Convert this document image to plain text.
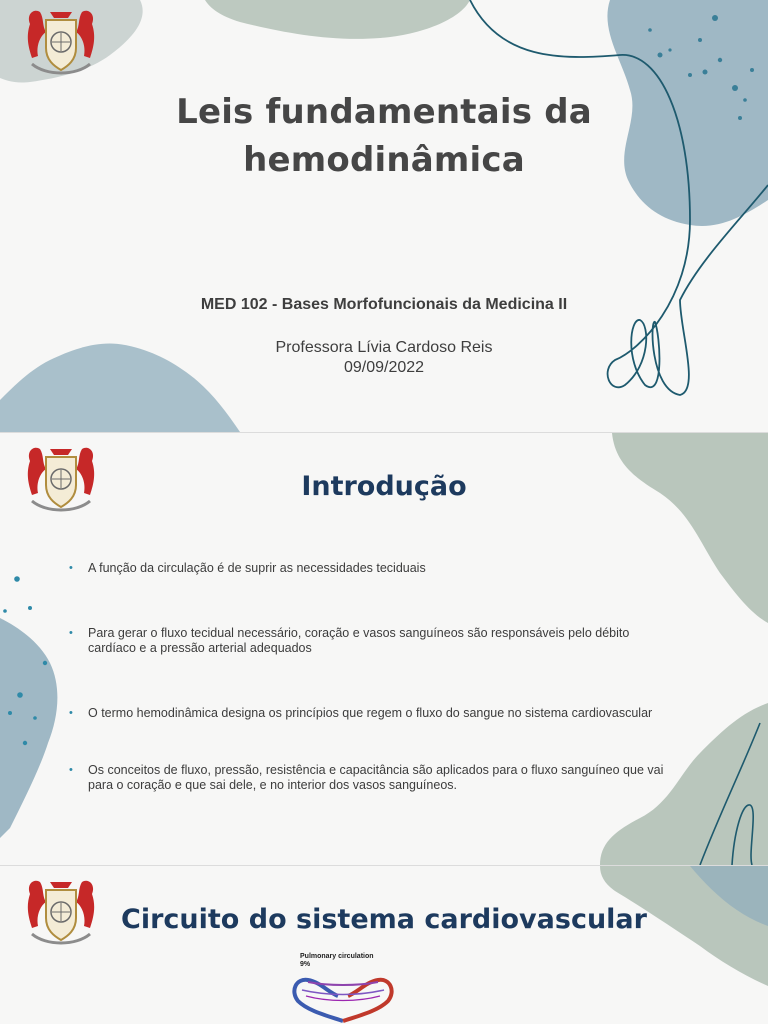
Leis fundamentais da
hemodinâmica
MED 102 - Bases Morfofuncionais da Medicina II
Professora Lívia Cardoso Reis
09/09/2022
Introdução
• A função da circulação é de suprir as necessidades teciduais
• Para gerar o fluxo tecidual necessário, coração e vasos sanguíneos são responsáveis pelo débito
cardíaco e a pressão arterial adequados
• O termo hemodinâmica designa os princípios que regem o fluxo do sangue no sistema cardiovascular
• Os conceitos de fluxo, pressão, resistência e capacitância são aplicados para o fluxo sanguíneo que vai
para o coração e que sai dele, e no interior dos vasos sanguíneos.
Circuito do sistema cardiovascular
Pulmonary circulation
9%
